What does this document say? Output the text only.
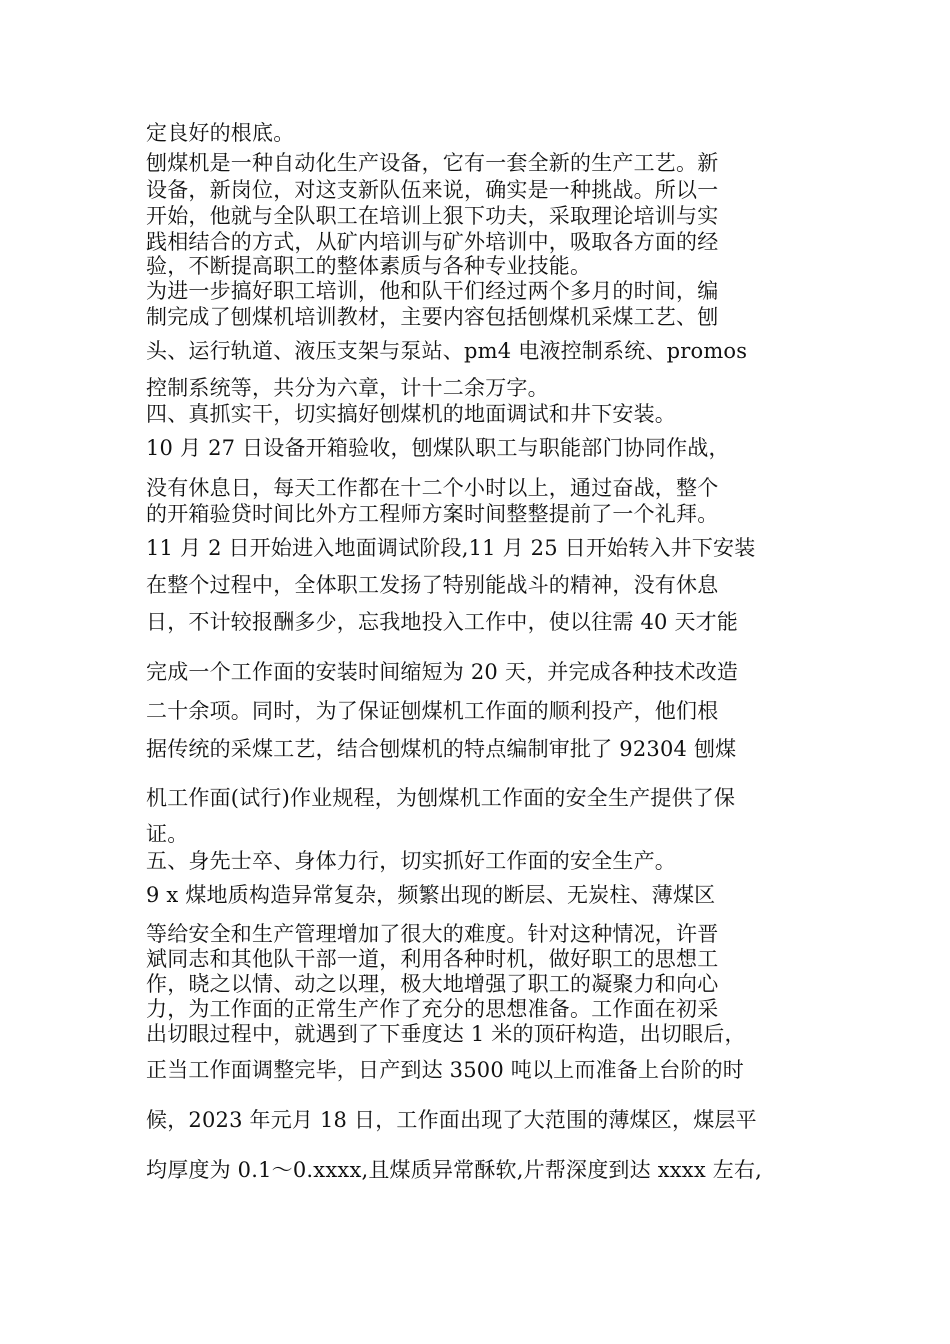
定良好的根底。
刨煤机是一种自动化生产设备，它有一套全新的生产工艺。新
设备，新岗位，对这支新队伍来说，确实是一种挑战。所以一
开始，他就与全队职工在培训上狠下功夫，采取理论培训与实
践相结合的方式，从矿内培训与矿外培训中，吸取各方面的经
验，不断提高职工的整体素质与各种专业技能。
为进一步搞好职工培训，他和队干们经过两个多月的时间，编
制完成了刨煤机培训教材，主要内容包括刨煤机采煤工艺、刨
头、运行轨道、液压支架与泵站、pm4 电液控制系统、promos
控制系统等，共分为六章，计十二余万字。
四、真抓实干，切实搞好刨煤机的地面调试和井下安装。
10 月 27 日设备开箱验收，刨煤队职工与职能部门协同作战，
没有休息日，每天工作都在十二个小时以上，通过奋战，整个
的开箱验贷时间比外方工程师方案时间整整提前了一个礼拜。
11 月 2 日开始进入地面调试阶段,11 月 25 日开始转入井下安装
在整个过程中，全体职工发扬了特别能战斗的精神，没有休息
日，不计较报酬多少，忘我地投入工作中，使以往需 40 天才能
完成一个工作面的安装时间缩短为 20 天，并完成各种技术改造
二十余项。同时，为了保证刨煤机工作面的顺利投产，他们根
据传统的采煤工艺，结合刨煤机的特点编制审批了 92304 刨煤
机工作面(试行)作业规程，为刨煤机工作面的安全生产提供了保
证。
五、身先士卒、身体力行，切实抓好工作面的安全生产。
9 x 煤地质构造异常复杂，频繁出现的断层、无炭柱、薄煤区
等给安全和生产管理增加了很大的难度。针对这种情况，许晋
斌同志和其他队干部一道，利用各种时机，做好职工的思想工
作，晓之以情、动之以理，极大地增强了职工的凝聚力和向心
力，为工作面的正常生产作了充分的思想准备。工作面在初采
出切眼过程中，就遇到了下垂度达 1 米的顶矸构造，出切眼后，
正当工作面调整完毕，日产到达 3500 吨以上而准备上台阶的时
候，2023 年元月 18 日，工作面出现了大范围的薄煤区，煤层平
均厚度为 0.1～0.xxxx,且煤质异常酥软,片帮深度到达 xxxx 左右,
